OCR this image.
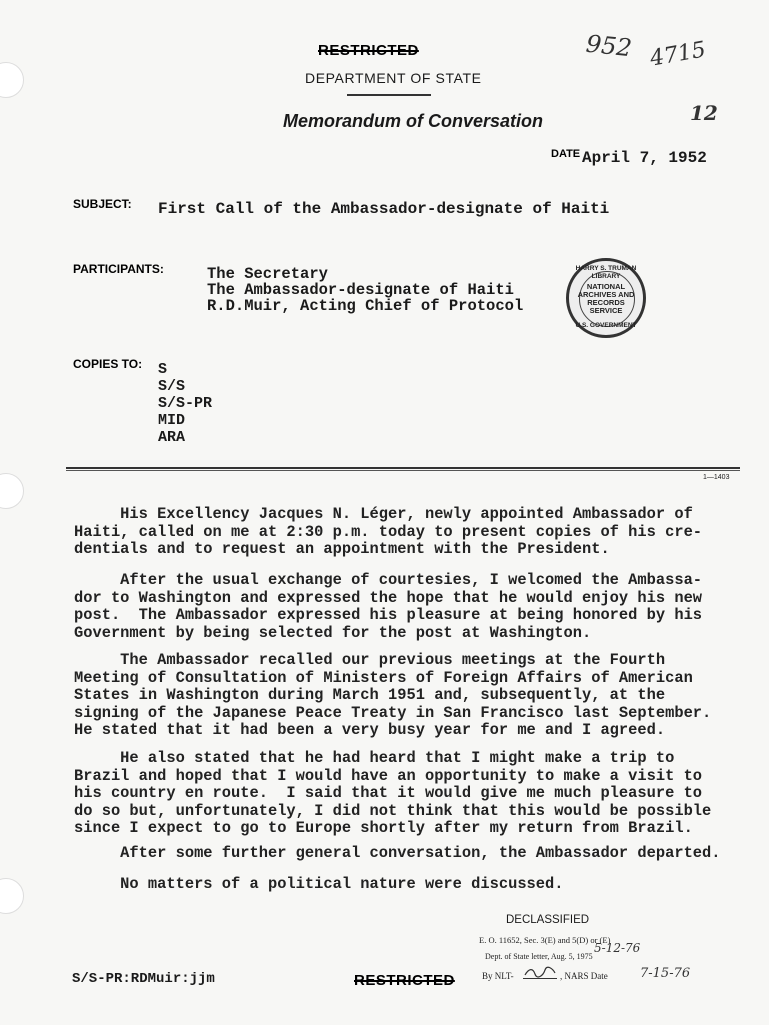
RESTRICTED
DEPARTMENT OF STATE
Memorandum of Conversation
952 4715
12
DATE April 7, 1952
SUBJECT: First Call of the Ambassador-designate of Haiti
PARTICIPANTS:	The Secretary
The Ambassador-designate of Haiti
R.D.Muir, Acting Chief of Protocol
HARRY S. TRUMAN LIBRARY
NATIONAL
ARCHIVES AND
RECORDS
SERVICE
U.S. GOVERNMENT
COPIES TO: S
S/S
S/S-PR
MID
ARA
1—1403
His Excellency Jacques N. Léger, newly appointed Ambassador of
Haiti, called on me at 2:30 p.m. today to present copies of his cre-
dentials and to request an appointment with the President.
After the usual exchange of courtesies, I welcomed the Ambassa-
dor to Washington and expressed the hope that he would enjoy his new
post.  The Ambassador expressed his pleasure at being honored by his
Government by being selected for the post at Washington.
The Ambassador recalled our previous meetings at the Fourth
Meeting of Consultation of Ministers of Foreign Affairs of American
States in Washington during March 1951 and, subsequently, at the
signing of the Japanese Peace Treaty in San Francisco last September.
He stated that it had been a very busy year for me and I agreed.
He also stated that he had heard that I might make a trip to
Brazil and hoped that I would have an opportunity to make a visit to
his country en route.  I said that it would give me much pleasure to
do so but, unfortunately, I did not think that this would be possible
since I expect to go to Europe shortly after my return from Brazil.
After some further general conversation, the Ambassador departed.
No matters of a political nature were discussed.
DECLASSIFIED
E. O. 11652, Sec. 3(E) and 5(D) or (E)
Dept. of State letter, Aug. 5, 1975
5-12-76
By NLT-	, NARS Date 7-15-76
S/S-PR:RDMuir:jjm	RESTRICTED
